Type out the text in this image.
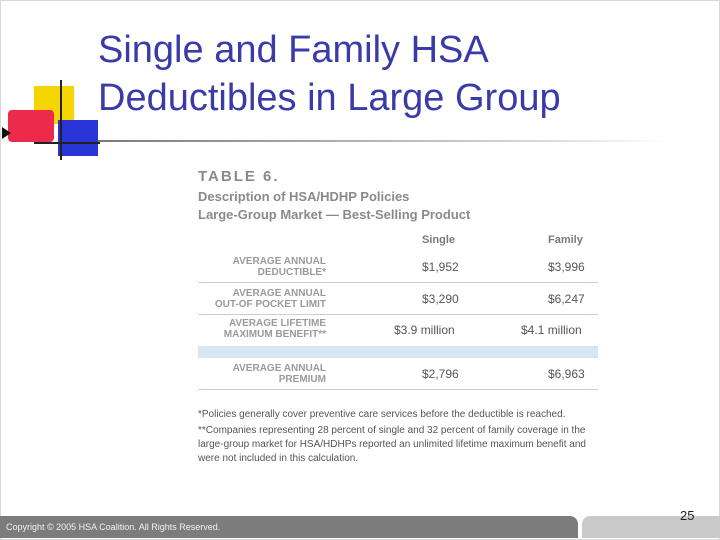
Single and Family HSA
Deductibles in Large Group
TABLE 6.
Description of HSA/HDHP Policies
Large-Group Market — Best-Selling Product
Single	Family
AVERAGE ANNUAL
DEDUCTIBLE*	$1,952	$3,996
AVERAGE ANNUAL
OUT-OF POCKET LIMIT	$3,290	$6,247
AVERAGE LIFETIME
MAXIMUM BENEFIT**	$3.9 million	$4.1 million
AVERAGE ANNUAL
PREMIUM	$2,796	$6,963
*Policies generally cover preventive care services before the deductible is reached.
**Companies representing 28 percent of single and 32 percent of family coverage in the large-group market for HSA/HDHPs reported an unlimited lifetime maximum benefit and were not included in this calculation.
Copyright © 2005 HSA Coalition. All Rights Reserved.
25
